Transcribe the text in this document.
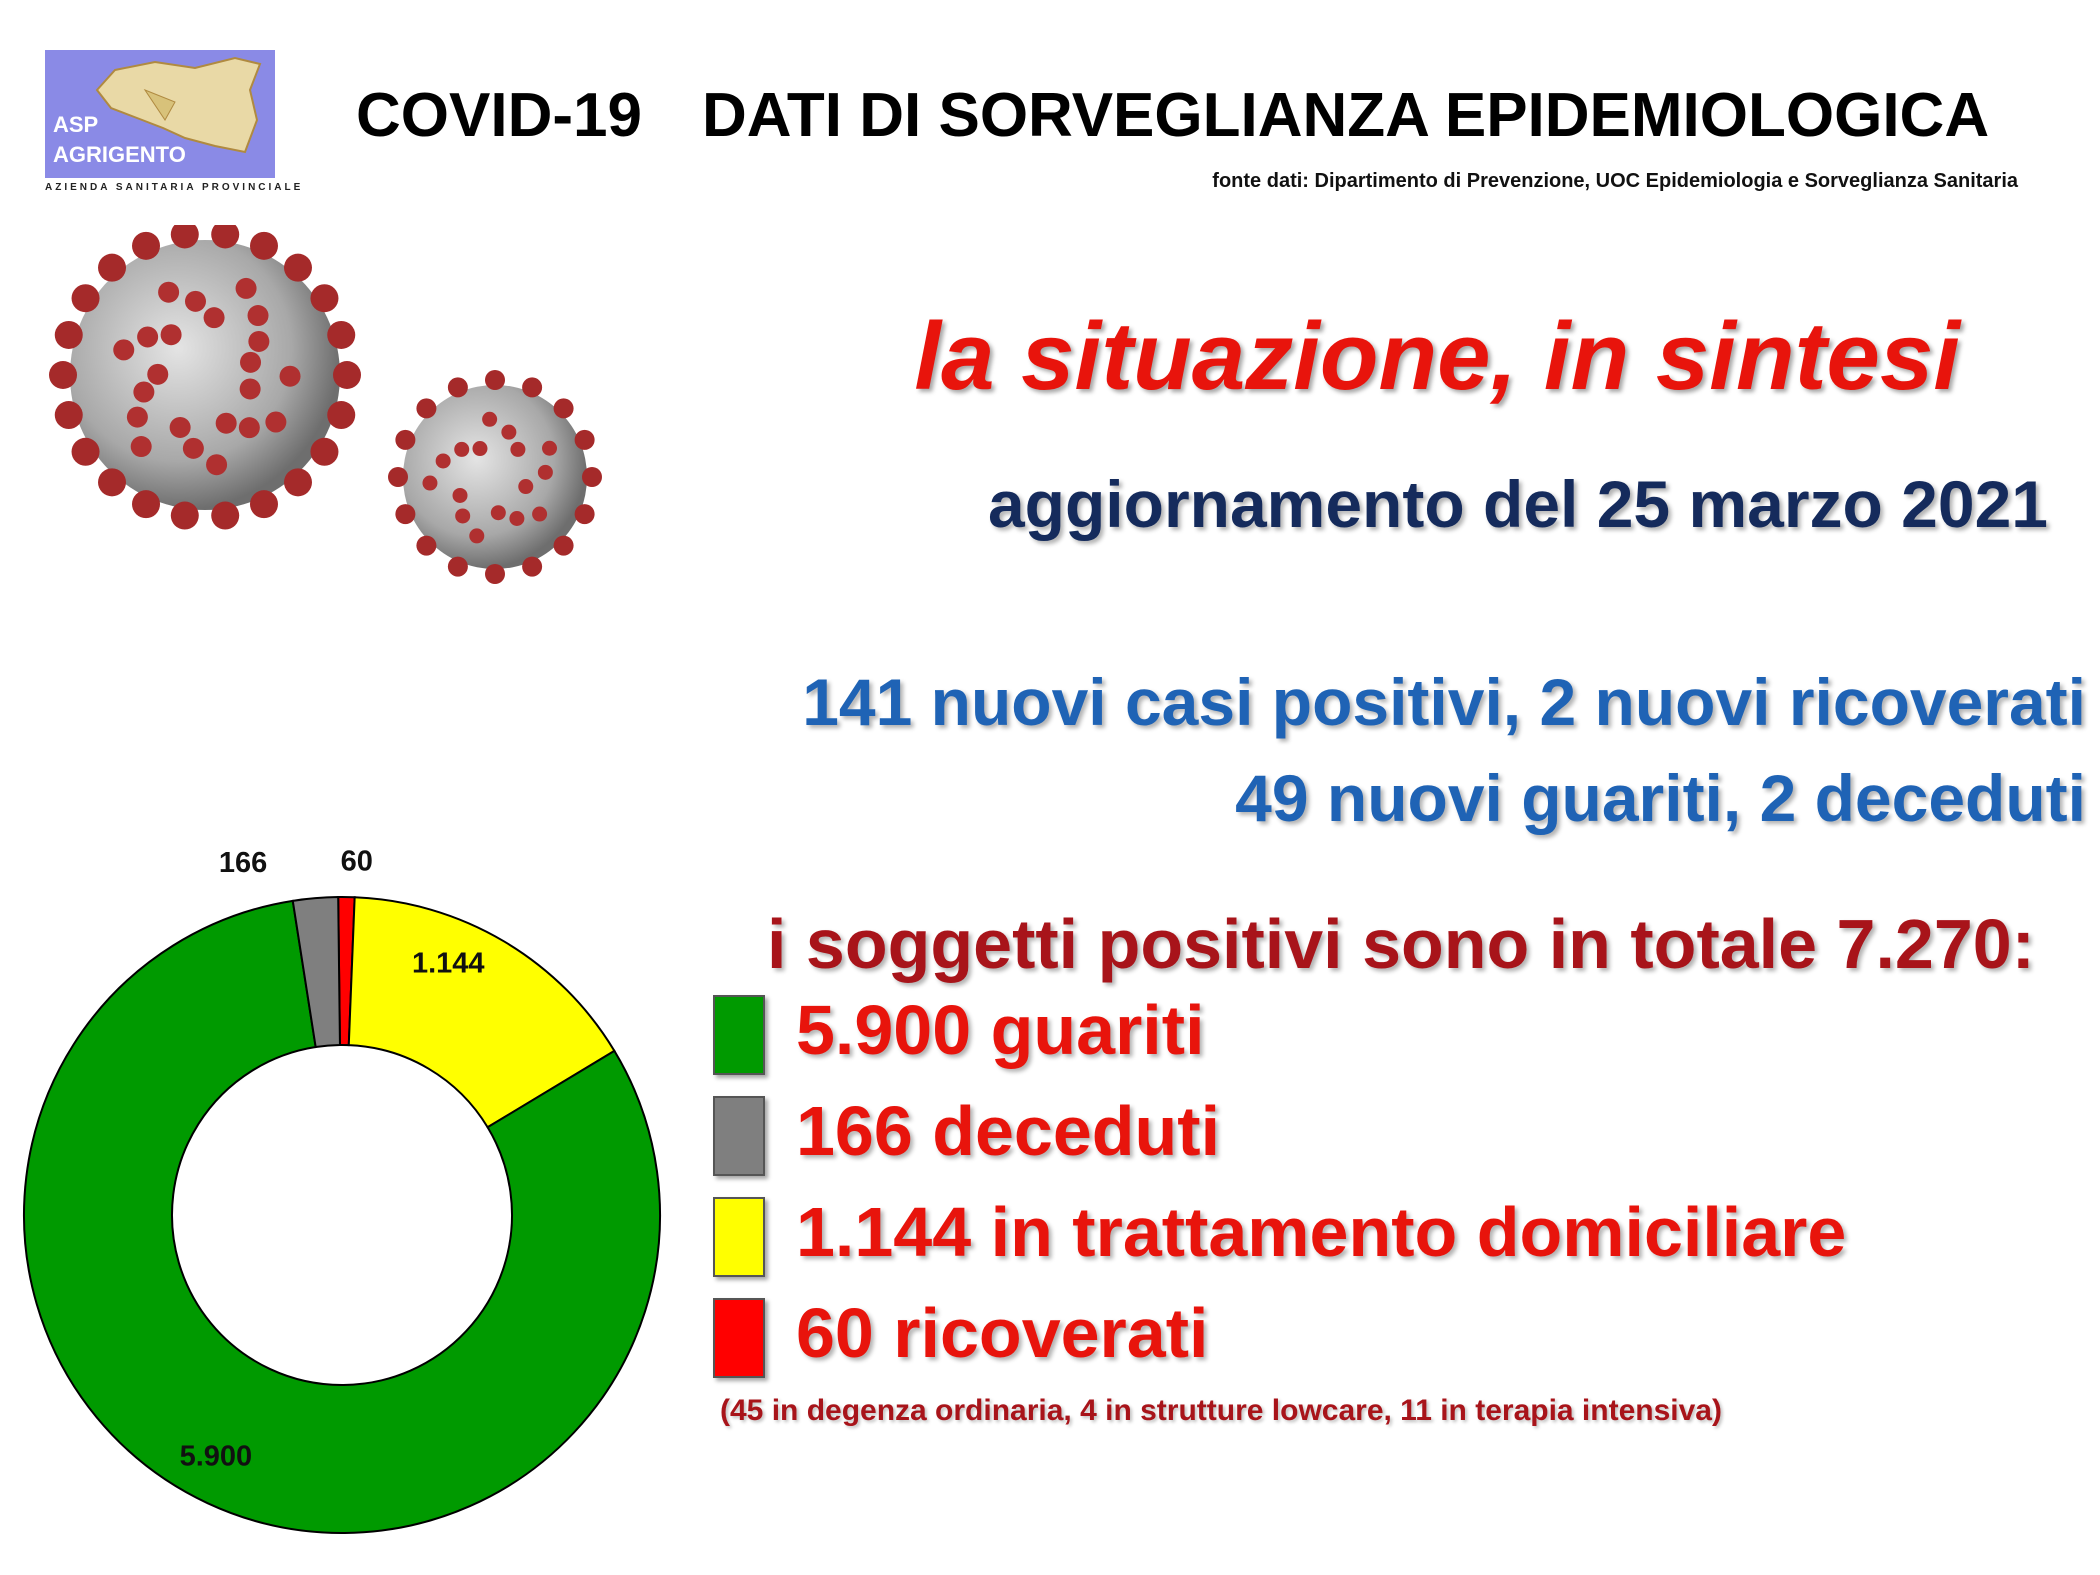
ASP
AGRIGENTO
AZIENDA SANITARIA PROVINCIALE
COVID-19 DATI DI SORVEGLIANZA EPIDEMIOLOGICA
fonte dati: Dipartimento di Prevenzione, UOC Epidemiologia e Sorveglianza Sanitaria
la situazione, in sintesi
aggiornamento del 25 marzo 2021
141 nuovi casi positivi, 2 nuovi ricoverati
49 nuovi guariti, 2 deceduti
i soggetti positivi sono in totale 7.270:
5.900 guariti
166 deceduti
1.144 in trattamento domiciliare
60 ricoverati
(45 in degenza ordinaria, 4 in strutture lowcare, 11 in terapia intensiva)
5.900
166
1.144
60
